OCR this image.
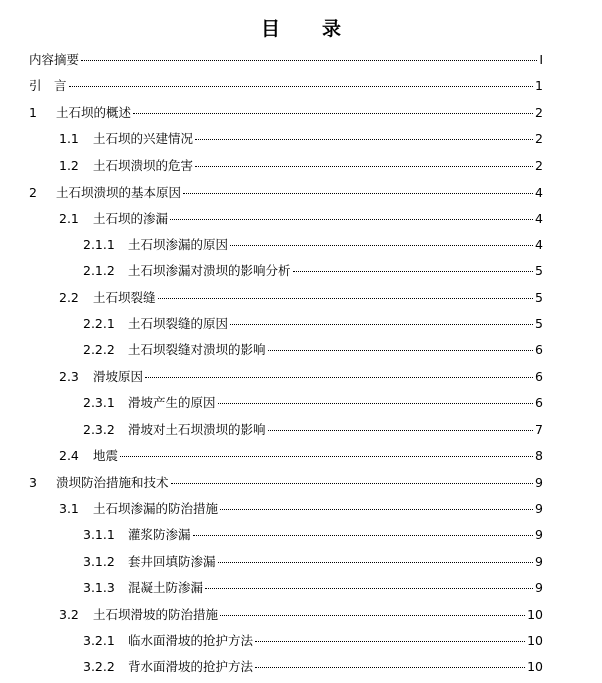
目 录
内容摘要	I
引　言	1
1	土石坝的概述	2
1.1	土石坝的兴建情况	2
1.2	土石坝溃坝的危害	2
2	土石坝溃坝的基本原因	4
2.1	土石坝的渗漏	4
2.1.1	土石坝渗漏的原因	4
2.1.2	土石坝渗漏对溃坝的影响分析	5
2.2	土石坝裂缝	5
2.2.1	土石坝裂缝的原因	5
2.2.2	土石坝裂缝对溃坝的影响	6
2.3	滑坡原因	6
2.3.1	滑坡产生的原因	6
2.3.2	滑坡对土石坝溃坝的影响	7
2.4	地震	8
3	溃坝防治措施和技术	9
3.1	土石坝渗漏的防治措施	9
3.1.1	灌浆防渗漏	9
3.1.2	套井回填防渗漏	9
3.1.3	混凝土防渗漏	9
3.2	土石坝滑坡的防治措施	10
3.2.1	临水面滑坡的抢护方法	10
3.2.2	背水面滑坡的抢护方法	10
